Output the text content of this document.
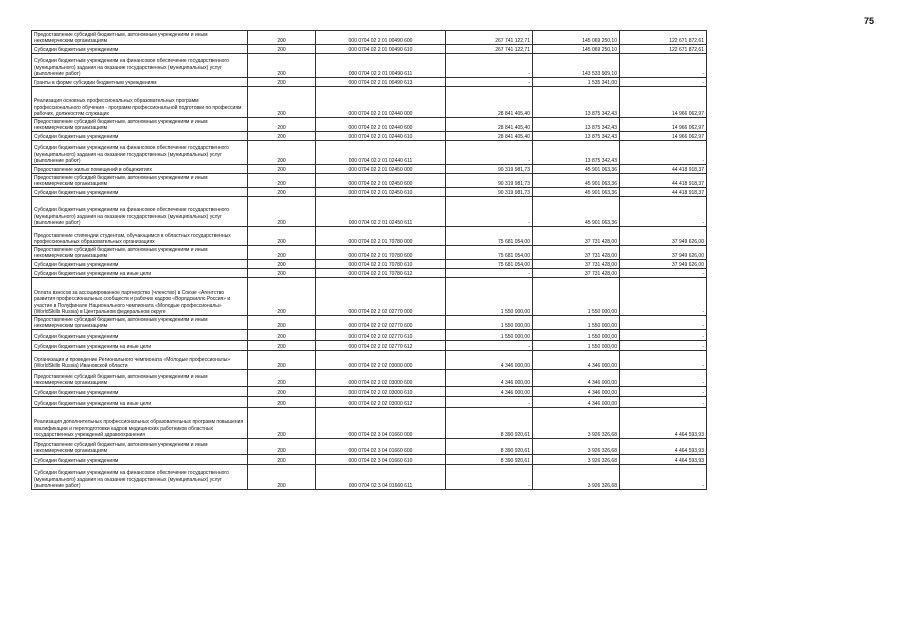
75
Предоставление субсидий бюджетным, автономным учреждениям и иным некоммерческим организациям	200	000 0704 02 2 01 00490 600	267 741 122,71	145 069 250,10	122 671 872,61
Субсидии бюджетным учреждениям	200	000 0704 02 2 01 00490 610	267 741 122,71	145 069 250,10	122 671 872,61
Субсидии бюджетным учреждениям на финансовое обеспечение государственного (муниципального) задания на оказание государственных (муниципальных) услуг (выполнение работ)	200	000 0704 02 2 01 00490 611	-	143 533 909,10	-
Гранты в форме субсидии бюджетным учреждениям	200	000 0704 02 2 01 00490 613	-	1 535 341,00	-
Реализация основных профессиональных образовательных программ профессионального обучения - программ профессиональной подготовки по профессиям рабочих, должностям служащих	200	000 0704 02 2 01 02440 000	28 841 405,40	13 875 342,43	14 966 062,97
Предоставление субсидий бюджетным, автономным учреждениям и иным некоммерческим организациям	200	000 0704 02 2 01 02440 600	28 841 405,40	13 875 342,43	14 966 062,97
Субсидии бюджетным учреждениям	200	000 0704 02 2 01 02440 610	28 841 405,40	13 875 342,43	14 966 062,97
Субсидии бюджетным учреждениям на финансовое обеспечение государственного (муниципального) задания на оказание государственных (муниципальных) услуг (выполнение работ)	200	000 0704 02 2 01 02440 611	-	13 875 342,43	-
Предоставление жилых помещений в общежитиях	200	000 0704 02 2 01 02450 000	90 319 981,73	45 901 063,36	44 418 918,37
Предоставление субсидий бюджетным, автономным учреждениям и иным некоммерческим организациям	200	000 0704 02 2 01 02450 600	90 319 981,73	45 901 063,36	44 418 918,37
Субсидии бюджетным учреждениям	200	000 0704 02 2 01 02450 610	90 319 981,73	45 901 063,36	44 418 918,37
Субсидии бюджетным учреждениям на финансовое обеспечение государственного (муниципального) задания на оказание государственных (муниципальных) услуг (выполнение работ)	200	000 0704 02 2 01 02450 611	-	45 901 063,36	-
Предоставление стипендии студентам, обучающимся в областных государственных профессиональных образовательных организациях	200	000 0704 02 2 01 70780 000	75 681 054,00	37 731 428,00	37 949 626,00
Предоставление субсидий бюджетным, автономным учреждениям и иным некоммерческим организациям	200	000 0704 02 2 01 70780 600	75 681 054,00	37 731 428,00	37 949 626,00
Субсидии бюджетным учреждениям	200	000 0704 02 2 01 70780 610	75 681 054,00	37 731 428,00	37 949 626,00
Субсидии бюджетным учреждениям на иные цели	200	000 0704 02 2 01 70780 612	-	37 731 428,00	-
Оплата взносов за ассоциированное партнерство (членство) в Союзе «Агентство развития профессиональных сообществ и рабочих кадров «Ворлдскиллс Россия» и участие в Полуфинале Национального чемпионата «Молодые профессионалы» (WorldSkills Russia) в Центральном федеральном округе	200	000 0704 02 2 02 02770 000	1 550 000,00	1 550 000,00	-
Предоставление субсидий бюджетным, автономным учреждениям и иным некоммерческим организациям	200	000 0704 02 2 02 02770 600	1 550 000,00	1 550 000,00	-
Субсидии бюджетным учреждениям	200	000 0704 02 2 02 02770 610	1 550 000,00	1 550 000,00	-
Субсидии бюджетным учреждениям на иные цели	200	000 0704 02 2 02 02770 612	-	1 550 000,00	-
Организация и проведение Регионального чемпионата «Молодые профессионалы» (WorldSkills Russia) Ивановской области	200	000 0704 02 2 02 03000 000	4 346 000,00	4 346 000,00	-
Предоставление субсидий бюджетным, автономным учреждениям и иным некоммерческим организациям	200	000 0704 02 2 02 03000 600	4 346 000,00	4 346 000,00	-
Субсидии бюджетным учреждениям	200	000 0704 02 2 02 03000 610	4 346 000,00	4 346 000,00	-
Субсидии бюджетным учреждениям на иные цели	200	000 0704 02 2 02 03000 612	-	4 346 000,00	-
Реализация дополнительных профессиональных образовательных программ повышения квалификации и переподготовки кадров медицинских работников областных государственных учреждений здравоохранения	200	000 0704 02 3 04 01660 000	8 390 920,61	3 926 326,68	4 464 593,93
Предоставление субсидий бюджетным, автономным учреждениям и иным некоммерческим организациям	200	000 0704 02 3 04 01660 600	8 390 920,61	3 926 326,68	4 464 593,93
Субсидии бюджетным учреждениям	200	000 0704 02 3 04 01660 610	8 390 920,61	3 926 326,68	4 464 593,93
Субсидии бюджетным учреждениям на финансовое обеспечение государственного (муниципального) задания на оказание государственных (муниципальных) услуг (выполнение работ)	200	000 0704 02 3 04 01660 611	-	3 926 326,68	-
